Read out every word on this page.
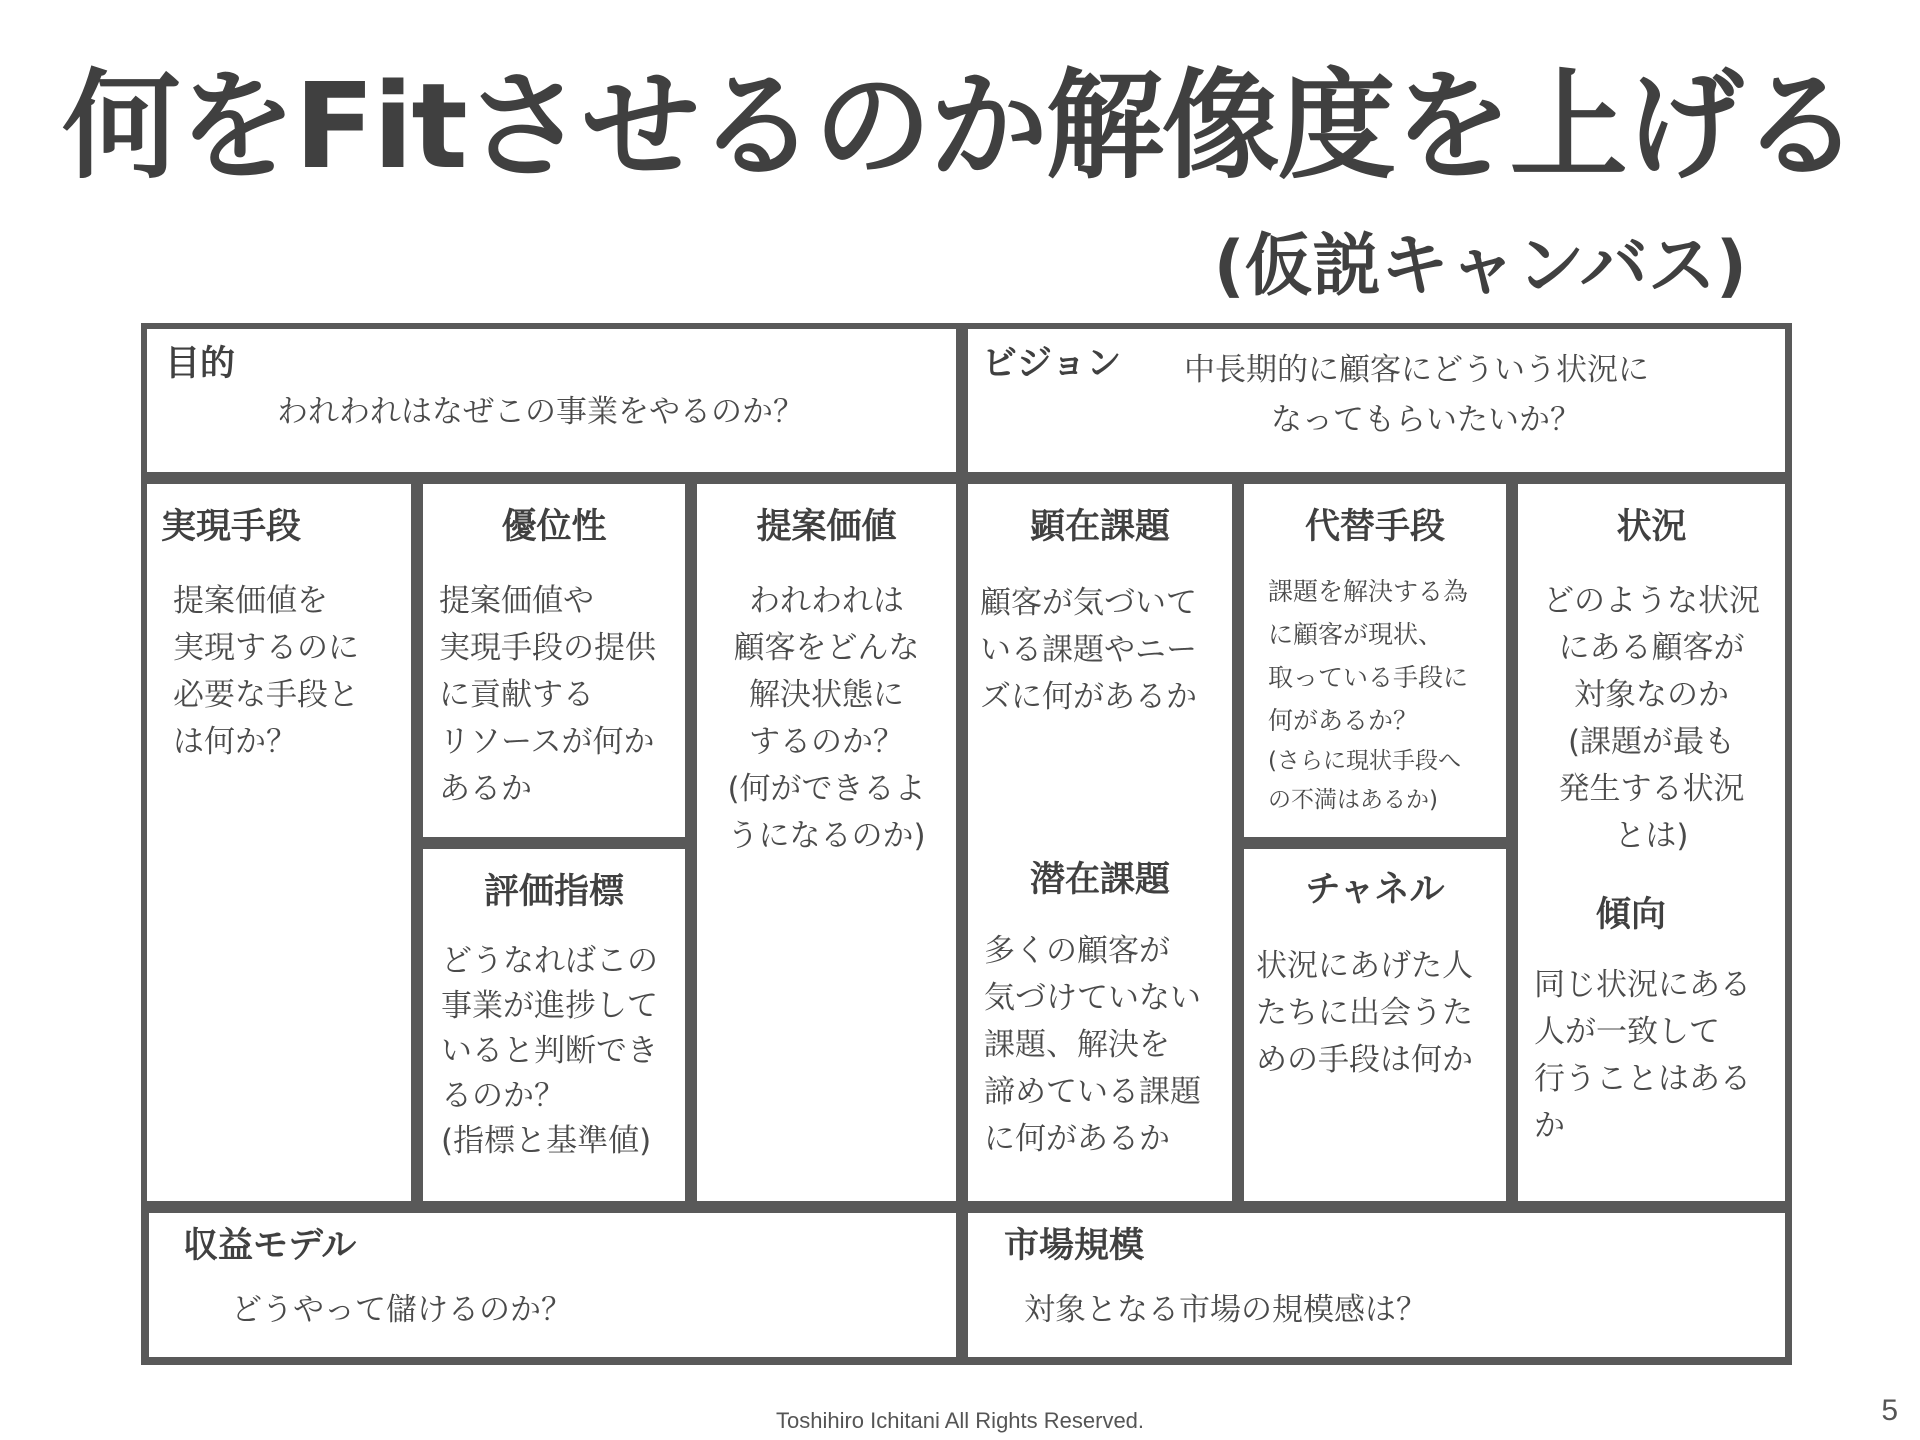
何をFitさせるのか解像度を上げる
(仮説キャンバス)
目的
われわれはなぜこの事業をやるのか？
ビジョン 中長期的に顧客にどういう状況に
なってもらいたいか？
実現手段
提案価値を
実現するのに
必要な手段と
は何か？
優位性
提案価値や
実現手段の提供
に貢献する
リソースが何か
あるか
評価指標
どうなればこの
事業が進捗して
いると判断でき
るのか？
(指標と基準値)
提案価値
われわれは
顧客をどんな
解決状態に
するのか？
(何ができるよ
うになるのか)
顕在課題
顧客が気づいて
いる課題やニー
ズに何があるか
潜在課題
多くの顧客が
気づけていない
課題、解決を
諦めている課題
に何があるか
代替手段
課題を解決する為
に顧客が現状、
取っている手段に
何があるか？
(さらに現状手段へ
の不満はあるか)
チャネル
状況にあげた人
たちに出会うた
めの手段は何か
状況
どのような状況
にある顧客が
対象なのか
(課題が最も
発生する状況
とは)
傾向
同じ状況にある
人が一致して
行うことはある
か
収益モデル
どうやって儲けるのか？
市場規模
対象となる市場の規模感は？
Toshihiro Ichitani All Rights Reserved.	5
